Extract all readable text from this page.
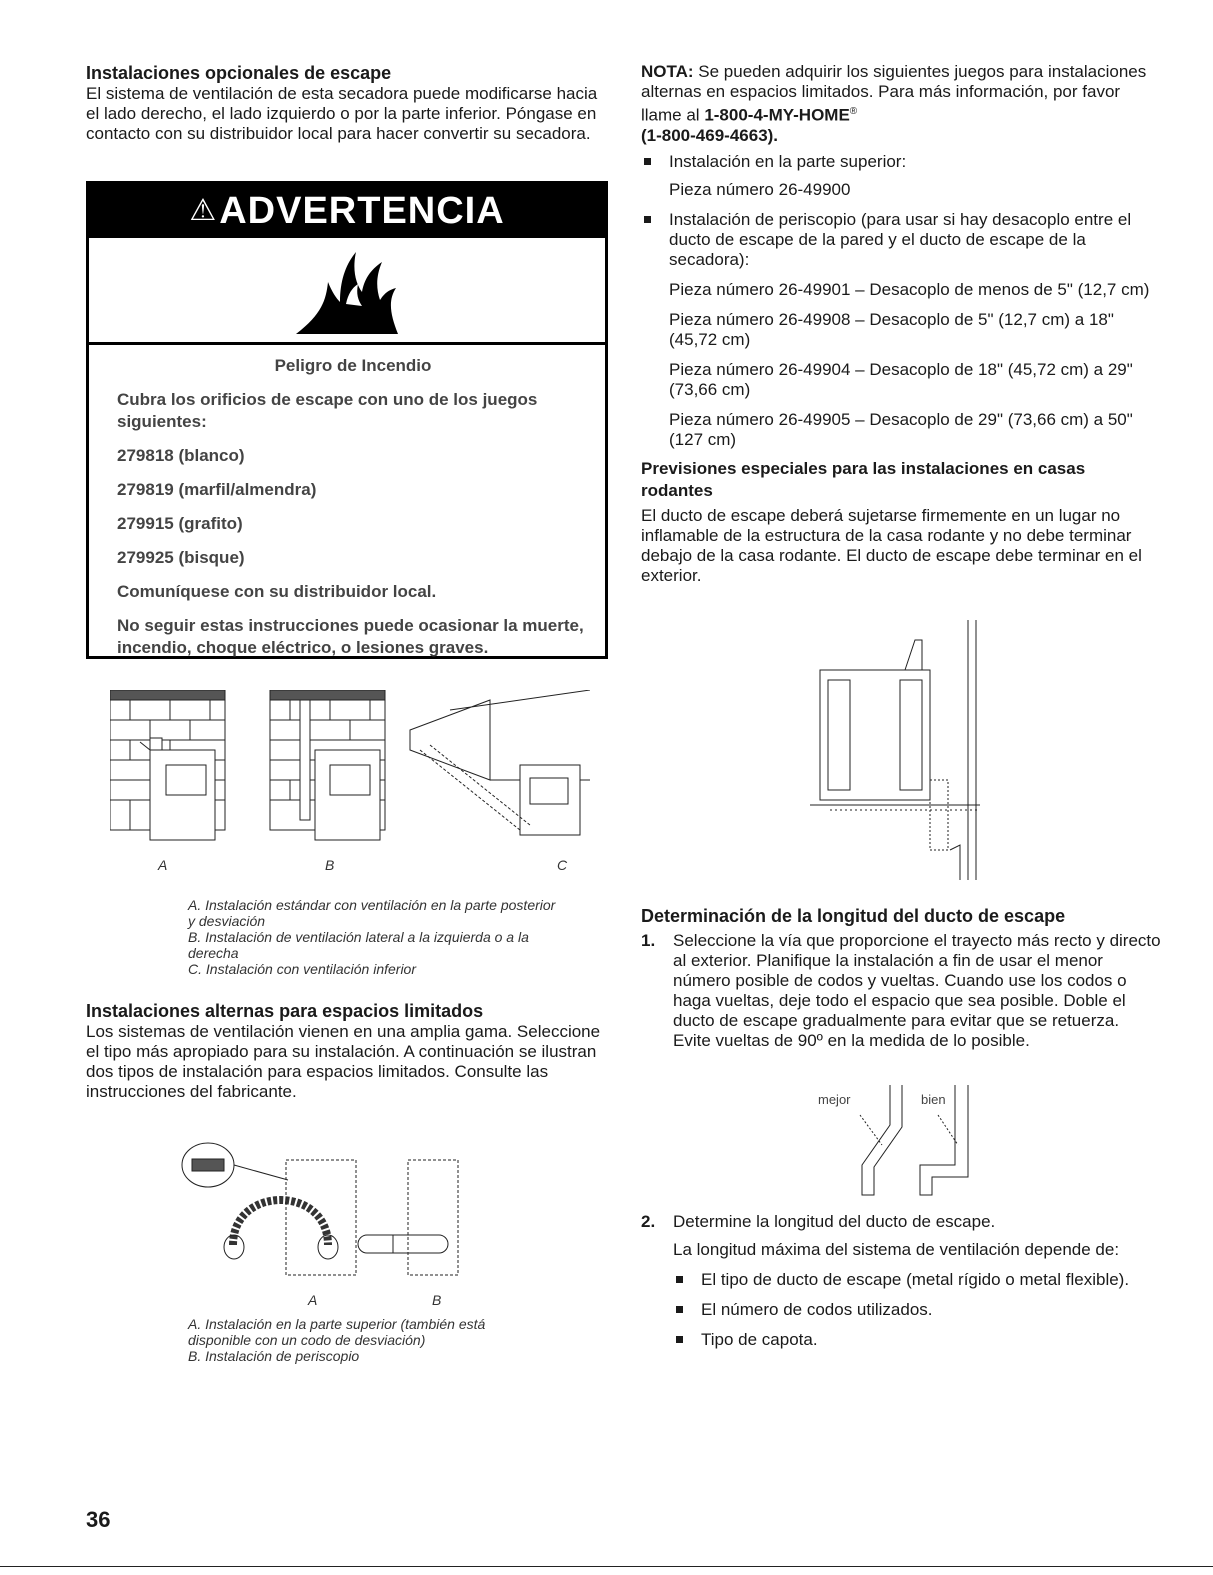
Instalaciones opcionales de escape

El sistema de ventilación de esta secadora puede modificarse hacia el lado derecho, el lado izquierdo o por la parte inferior. Póngase en contacto con su distribuidor local para hacer convertir su secadora.

⚠ ADVERTENCIA

Peligro de Incendio

Cubra los orificios de escape con uno de los juegos siguientes:

279818 (blanco)

279819 (marfil/almendra)

279915 (grafito)

279925 (bisque)

Comuníquese con su distribuidor local.

No seguir estas instrucciones puede ocasionar la muerte, incendio, choque eléctrico, o lesiones graves.

A	B	C

A. Instalación estándar con ventilación en la parte posterior y desviación

B. Instalación de ventilación lateral a la izquierda o a la derecha

C. Instalación con ventilación inferior

Instalaciones alternas para espacios limitados

Los sistemas de ventilación vienen en una amplia gama. Seleccione el tipo más apropiado para su instalación. A continuación se ilustran dos tipos de instalación para espacios limitados. Consulte las instrucciones del fabricante.

A	B

A. Instalación en la parte superior (también está disponible con un codo de desviación)

B. Instalación de periscopio

NOTA: Se pueden adquirir los siguientes juegos para instalaciones alternas en espacios limitados. Para más información, por favor llame al 1-800-4-MY-HOME®
(1-800-469-4663).

Instalación en la parte superior:

Pieza número 26-49900

Instalación de periscopio (para usar si hay desacoplo entre el ducto de escape de la pared y el ducto de escape de la secadora):

Pieza número 26-49901 – Desacoplo de menos de 5" (12,7 cm)

Pieza número 26-49908 – Desacoplo de 5" (12,7 cm) a 18" (45,72 cm)

Pieza número 26-49904 – Desacoplo de 18" (45,72 cm) a 29" (73,66 cm)

Pieza número 26-49905 – Desacoplo de 29" (73,66 cm) a 50" (127 cm)

Previsiones especiales para las instalaciones en casas rodantes

El ducto de escape deberá sujetarse firmemente en un lugar no inflamable de la estructura de la casa rodante y no debe terminar debajo de la casa rodante. El ducto de escape debe terminar en el exterior.

Determinación de la longitud del ducto de escape
1. Seleccione la vía que proporcione el trayecto más recto y directo al exterior. Planifique la instalación a fin de usar el menor número posible de codos y vueltas. Cuando use los codos o haga vueltas, deje todo el espacio que sea posible. Doble el ducto de escape gradualmente para evitar que se retuerza. Evite vueltas de 90º en la medida de lo posible.

mejor	bien
2. Determine la longitud del ducto de escape.

La longitud máxima del sistema de ventilación depende de:

El tipo de ducto de escape (metal rígido o metal flexible).

El número de codos utilizados.

Tipo de capota.

36
